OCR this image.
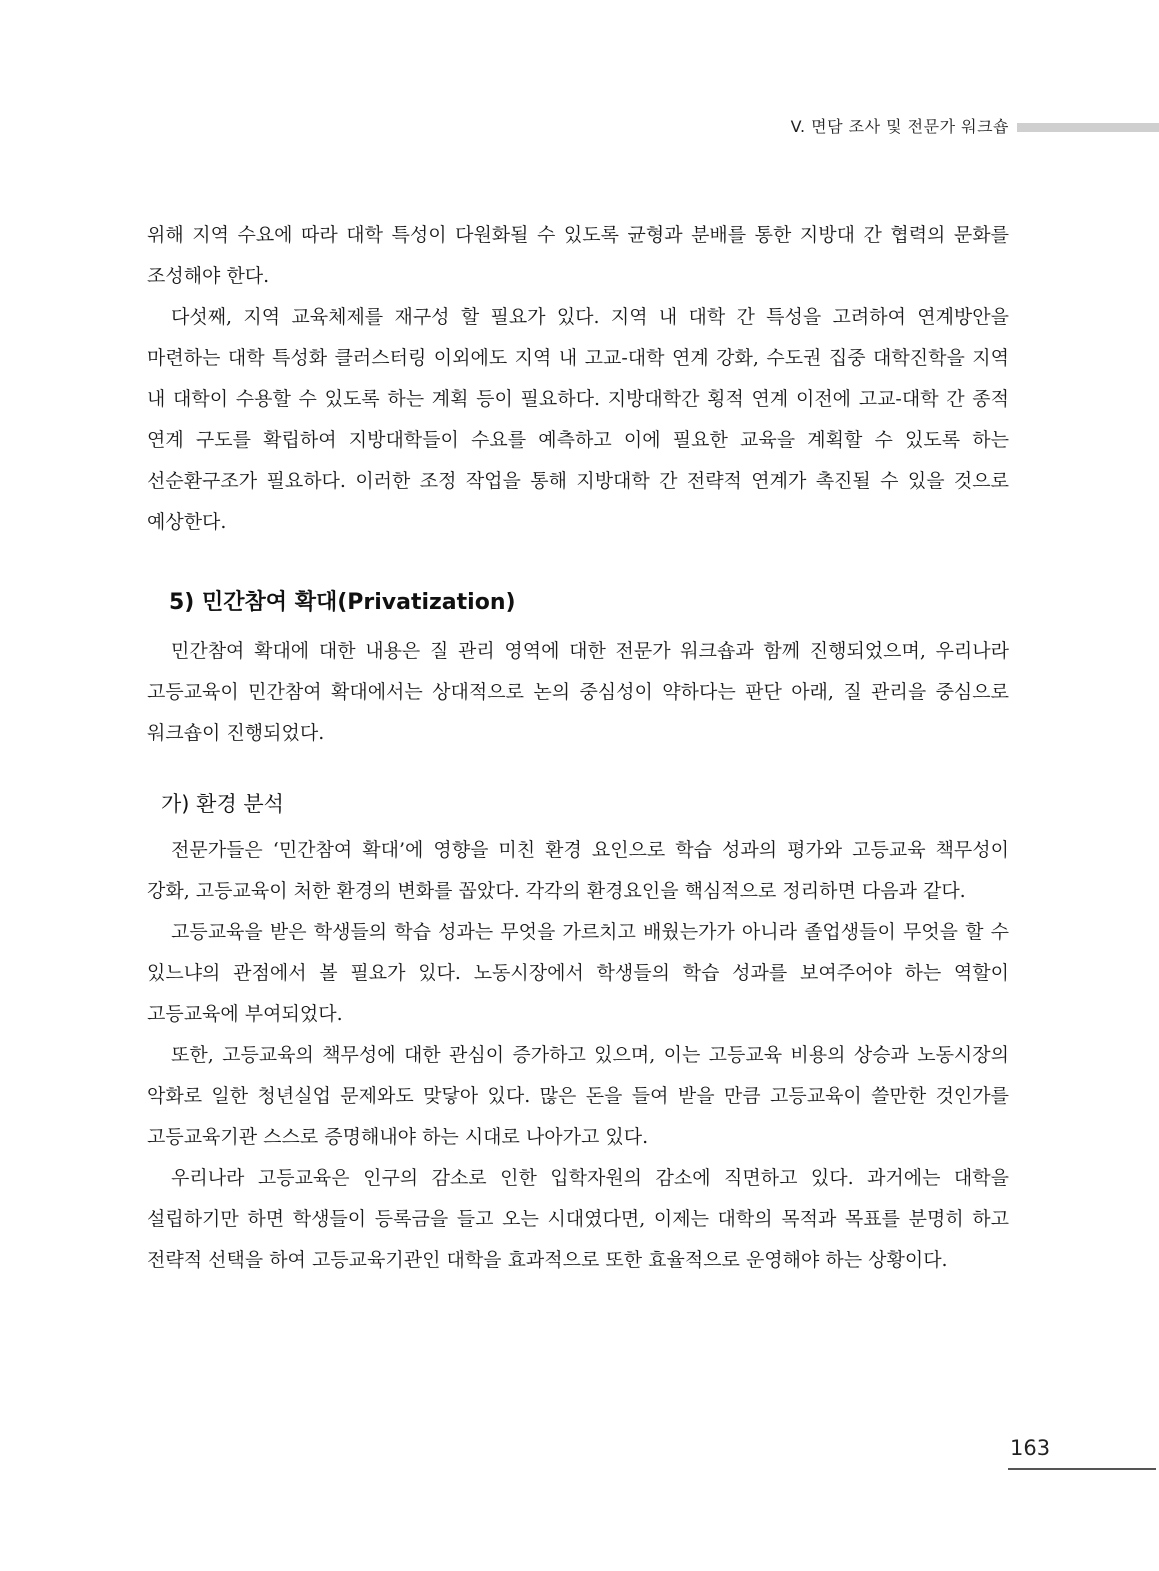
V. 면담 조사 및 전문가 워크숍

위해 지역 수요에 따라 대학 특성이 다원화될 수 있도록 균형과 분배를 통한 지방대 간 협력의 문화를 조성해야 한다.

다섯째, 지역 교육체제를 재구성 할 필요가 있다. 지역 내 대학 간 특성을 고려하여 연계방안을 마련하는 대학 특성화 클러스터링 이외에도 지역 내 고교-대학 연계 강화, 수도권 집중 대학진학을 지역 내 대학이 수용할 수 있도록 하는 계획 등이 필요하다. 지방대학간 횡적 연계 이전에 고교-대학 간 종적 연계 구도를 확립하여 지방대학들이 수요를 예측하고 이에 필요한 교육을 계획할 수 있도록 하는 선순환구조가 필요하다. 이러한 조정 작업을 통해 지방대학 간 전략적 연계가 촉진될 수 있을 것으로 예상한다.

5) 민간참여 확대(Privatization)

민간참여 확대에 대한 내용은 질 관리 영역에 대한 전문가 워크숍과 함께 진행되었으며, 우리나라 고등교육이 민간참여 확대에서는 상대적으로 논의 중심성이 약하다는 판단 아래, 질 관리을 중심으로 워크숍이 진행되었다.

가) 환경 분석

전문가들은 ‘민간참여 확대’에 영향을 미친 환경 요인으로 학습 성과의 평가와 고등교육 책무성이 강화, 고등교육이 처한 환경의 변화를 꼽았다. 각각의 환경요인을 핵심적으로 정리하면 다음과 같다.

고등교육을 받은 학생들의 학습 성과는 무엇을 가르치고 배웠는가가 아니라 졸업생들이 무엇을 할 수 있느냐의 관점에서 볼 필요가 있다. 노동시장에서 학생들의 학습 성과를 보여주어야 하는 역할이 고등교육에 부여되었다.

또한, 고등교육의 책무성에 대한 관심이 증가하고 있으며, 이는 고등교육 비용의 상승과 노동시장의 악화로 일한 청년실업 문제와도 맞닿아 있다. 많은 돈을 들여 받을 만큼 고등교육이 쓸만한 것인가를 고등교육기관 스스로 증명해내야 하는 시대로 나아가고 있다.

우리나라 고등교육은 인구의 감소로 인한 입학자원의 감소에 직면하고 있다. 과거에는 대학을 설립하기만 하면 학생들이 등록금을 들고 오는 시대였다면, 이제는 대학의 목적과 목표를 분명히 하고 전략적 선택을 하여 고등교육기관인 대학을 효과적으로 또한 효율적으로 운영해야 하는 상황이다.

163
